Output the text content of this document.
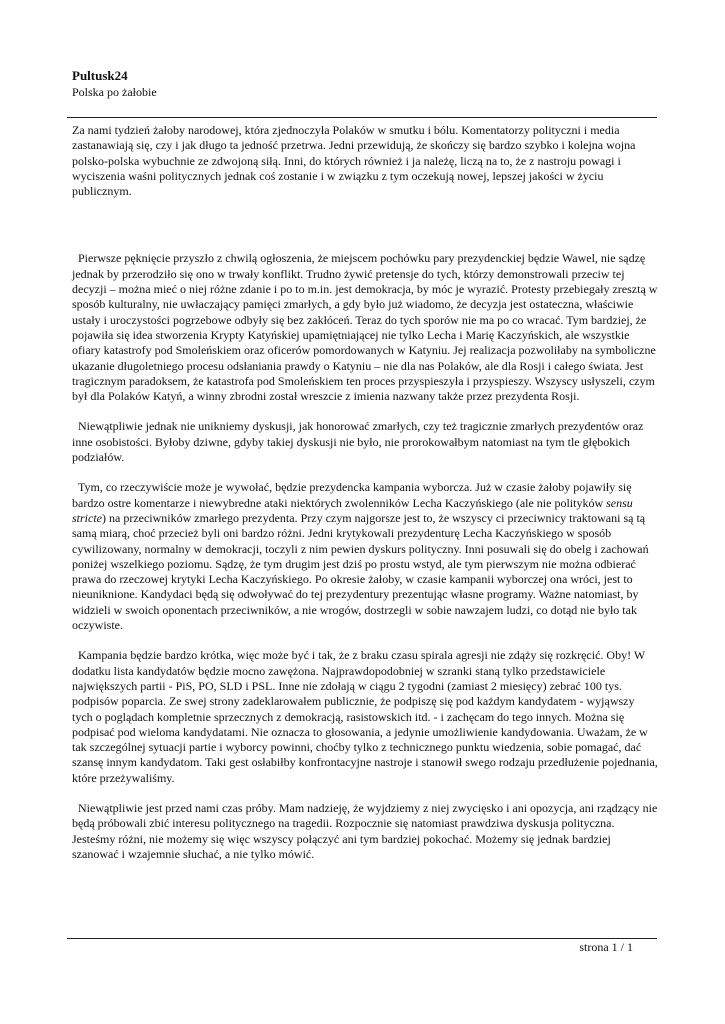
Pultusk24
Polska po żałobie

Za nami tydzień żałoby narodowej, która zjednoczyła Polaków w smutku i bólu. Komentatorzy polityczni i media zastanawiają się, czy i jak długo ta jedność przetrwa. Jedni przewidują, że skończy się bardzo szybko i kolejna wojna polsko-polska wybuchnie ze zdwojoną siłą. Inni, do których również i ja należę, liczą na to, że z nastroju powagi i wyciszenia waśni politycznych jednak coś zostanie i w związku z tym oczekują nowej, lepszej jakości w życiu publicznym.

Pierwsze pęknięcie przyszło z chwilą ogłoszenia, że miejscem pochówku pary prezydenckiej będzie Wawel, nie sądzę jednak by przerodziło się ono w trwały konflikt. Trudno żywić pretensje do tych, którzy demonstrowali przeciw tej decyzji – można mieć o niej różne zdanie i po to m.in. jest demokracja, by móc je wyrazić. Protesty przebiegały zresztą w sposób kulturalny, nie uwłaczający pamięci zmarłych, a gdy było już wiadomo, że decyzja jest ostateczna, właściwie ustały i uroczystości pogrzebowe odbyły się bez zakłóceń. Teraz do tych sporów nie ma po co wracać. Tym bardziej, że pojawiła się idea stworzenia Krypty Katyńskiej upamiętniającej nie tylko Lecha i Marię Kaczyńskich, ale wszystkie ofiary katastrofy pod Smoleńskiem oraz oficerów pomordowanych w Katyniu. Jej realizacja pozwoliłaby na symboliczne ukazanie długoletniego procesu odsłaniania prawdy o Katyniu – nie dla nas Polaków, ale dla Rosji i całego świata. Jest tragicznym paradoksem, że katastrofa pod Smoleńskiem ten proces przyspieszyła i przyspieszy. Wszyscy usłyszeli, czym był dla Polaków Katyń, a winny zbrodni został wreszcie z imienia nazwany także przez prezydenta Rosji.

Niewątpliwie jednak nie unikniemy dyskusji, jak honorować zmarłych, czy też tragicznie zmarłych prezydentów oraz inne osobistości. Byłoby dziwne, gdyby takiej dyskusji nie było, nie prorokowałbym natomiast na tym tle głębokich podziałów.

Tym, co rzeczywiście może je wywołać, będzie prezydencka kampania wyborcza. Już w czasie żałoby pojawiły się bardzo ostre komentarze i niewybredne ataki niektórych zwolenników Lecha Kaczyńskiego (ale nie polityków sensu stricte) na przeciwników zmarłego prezydenta. Przy czym najgorsze jest to, że wszyscy ci przeciwnicy traktowani są tą samą miarą, choć przecież byli oni bardzo różni. Jedni krytykowali prezydenturę Lecha Kaczyńskiego w sposób cywilizowany, normalny w demokracji, toczyli z nim pewien dyskurs polityczny. Inni posuwali się do obelg i zachowań poniżej wszelkiego poziomu. Sądzę, że tym drugim jest dziś po prostu wstyd, ale tym pierwszym nie można odbierać prawa do rzeczowej krytyki Lecha Kaczyńskiego. Po okresie żałoby, w czasie kampanii wyborczej ona wróci, jest to nieuniknione. Kandydaci będą się odwoływać do tej prezydentury prezentując własne programy. Ważne natomiast, by widzieli w swoich oponentach przeciwników, a nie wrogów, dostrzegli w sobie nawzajem ludzi, co dotąd nie było tak oczywiste.

Kampania będzie bardzo krótka, więc może być i tak, że z braku czasu spirala agresji nie zdąży się rozkręcić. Oby! W dodatku lista kandydatów będzie mocno zawężona. Najprawdopodobniej w szranki staną tylko przedstawiciele największych partii - PiS, PO, SLD i PSL. Inne nie zdołają w ciągu 2 tygodni (zamiast 2 miesięcy) zebrać 100 tys. podpisów poparcia. Ze swej strony zadeklarowałem publicznie, że podpiszę się pod każdym kandydatem - wyjąwszy tych o poglądach kompletnie sprzecznych z demokracją, rasistowskich itd. - i zachęcam do tego innych. Można się podpisać pod wieloma kandydatami. Nie oznacza to głosowania, a jedynie umożliwienie kandydowania. Uważam, że w tak szczególnej sytuacji partie i wyborcy powinni, choćby tylko z technicznego punktu wiedzenia, sobie pomagać, dać szansę innym kandydatom. Taki gest osłabiłby konfrontacyjne nastroje i stanowił swego rodzaju przedłużenie pojednania, które przeżywaliśmy.

Niewątpliwie jest przed nami czas próby. Mam nadzieję, że wyjdziemy z niej zwycięsko i ani opozycja, ani rządzący nie będą próbowali zbić interesu politycznego na tragedii. Rozpocznie się natomiast prawdziwa dyskusja polityczna. Jesteśmy różni, nie możemy się więc wszyscy połączyć ani tym bardziej pokochać. Możemy się jednak bardziej szanować i wzajemnie słuchać, a nie tylko mówić.

strona 1 / 1
